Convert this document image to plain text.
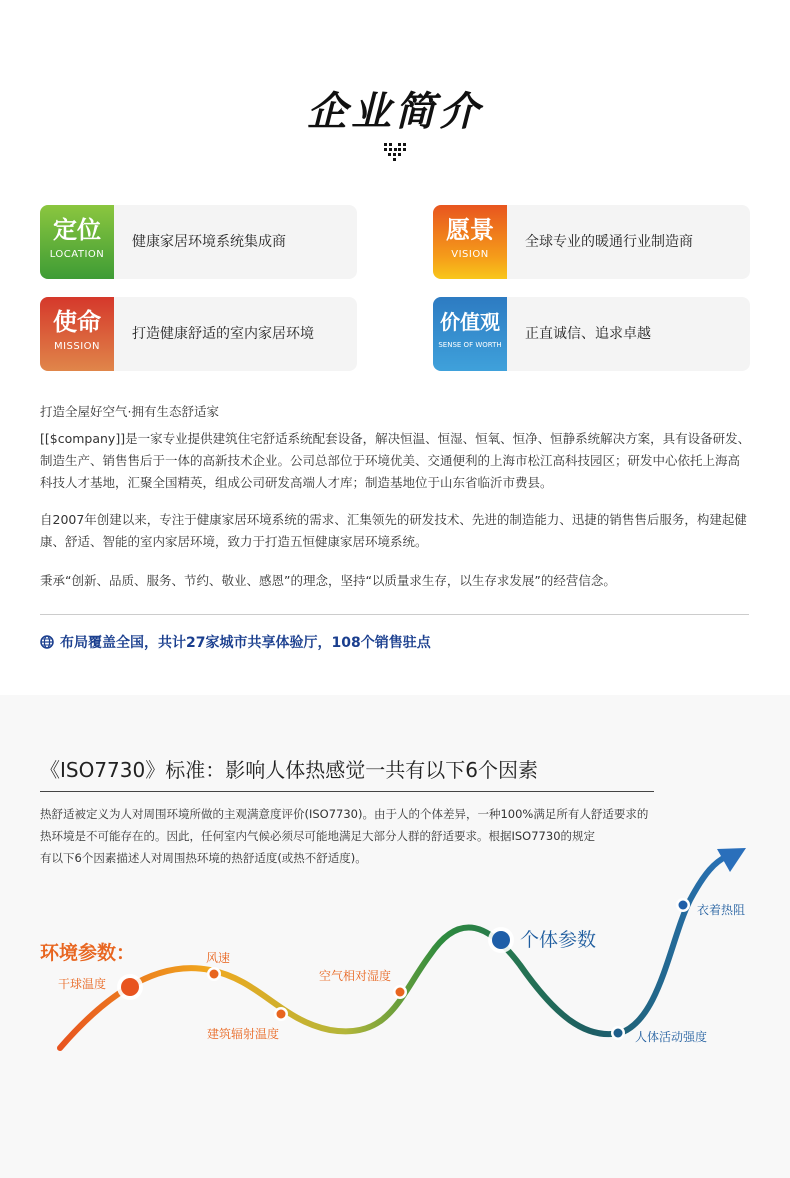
企业简介
定位
LOCATION
健康家居环境系统集成商	愿景
VISION
全球专业的暖通行业制造商
使命
MISSION
打造健康舒适的室内家居环境	价值观
SENSE OF WORTH
正直诚信、追求卓越
打造全屋好空气·拥有生态舒适家
[[$company]]是一家专业提供建筑住宅舒适系统配套设备，解决恒温、恒湿、恒氧、恒净、恒静系统解决方案，具有设备研发、制造生产、销售售后于一体的高新技术企业。公司总部位于环境优美、交通便利的上海市松江高科技园区；研发中心依托上海高科技人才基地，汇聚全国精英，组成公司研发高端人才库；制造基地位于山东省临沂市费县。
自2007年创建以来，专注于健康家居环境系统的需求、汇集领先的研发技术、先进的制造能力、迅捷的销售售后服务，构建起健康、舒适、智能的室内家居环境，致力于打造五恒健康家居环境系统。
秉承“创新、品质、服务、节约、敬业、感恩”的理念，坚持“以质量求生存，以生存求发展”的经营信念。
布局覆盖全国，共计27家城市共享体验厅，108个销售驻点
《ISO7730》标准：影响人体热感觉一共有以下6个因素
热舒适被定义为人对周围环境所做的主观满意度评价(ISO7730)。由于人的个体差异，一种100%满足所有人舒适要求的
热环境是不可能存在的。因此，任何室内气候必须尽可能地满足大部分人群的舒适要求。根据ISO7730的规定
有以下6个因素描述人对周围热环境的热舒适度(或热不舒适度)。
环境参数：
个体参数
干球温度
风速
建筑辐射温度
空气相对湿度
人体活动强度
衣着热阻
